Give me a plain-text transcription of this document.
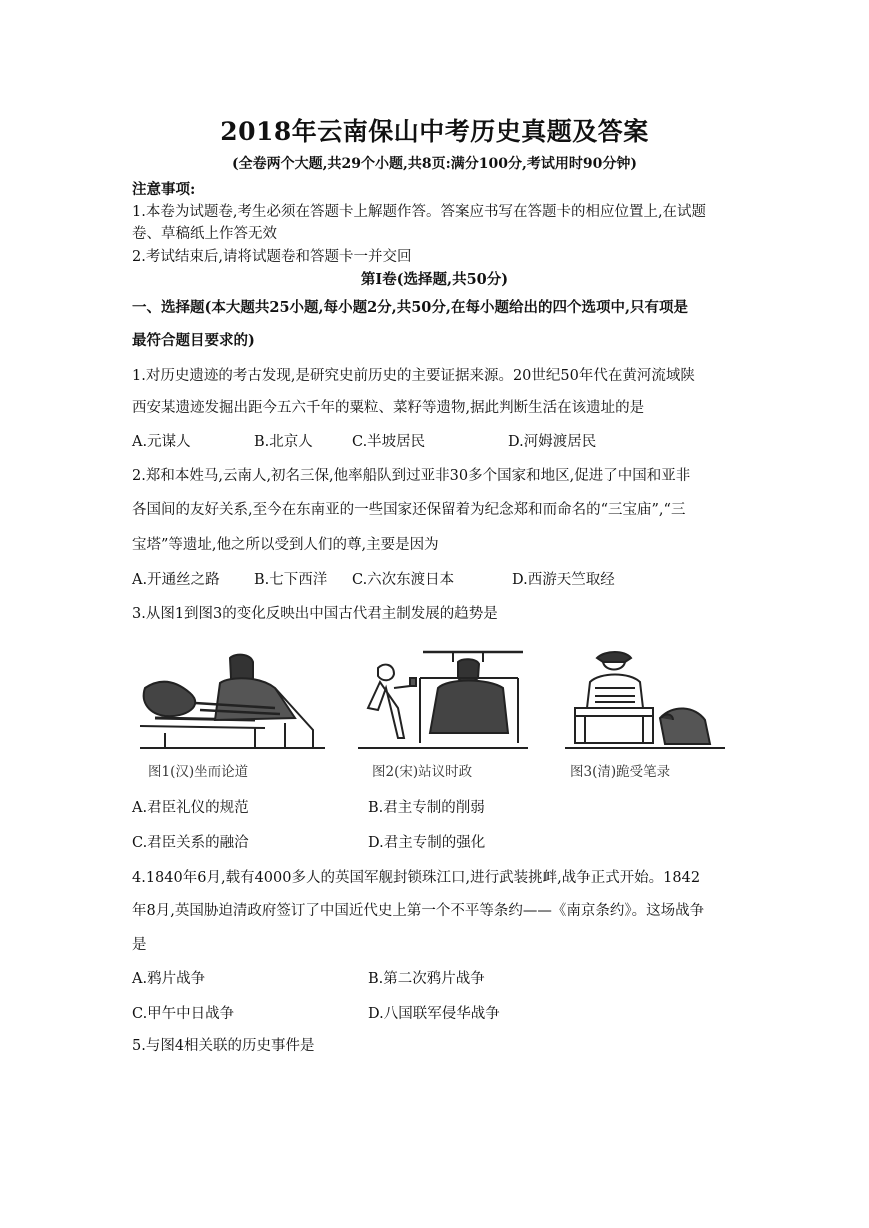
2018年云南保山中考历史真题及答案
(全卷两个大题,共29个小题,共8页:满分100分,考试用时90分钟)
注意事项:
1.本卷为试题卷,考生必须在答题卡上解题作答。答案应书写在答题卡的相应位置上,在试题
卷、草稿纸上作答无效
2.考试结束后,请将试题卷和答题卡一并交回
第Ⅰ卷(选择题,共50分)
一、选择题(本大题共25小题,每小题2分,共50分,在每小题给出的四个选项中,只有项是
最符合题目要求的)
1.对历史遗迹的考古发现,是研究史前历史的主要证据来源。20世纪50年代在黄河流域陕
西安某遗迹发掘出距今五六千年的粟粒、菜籽等遗物,据此判断生活在该遗址的是
A.元谋人	B.北京人	C.半坡居民	D.河姆渡居民
2.郑和本姓马,云南人,初名三保,他率船队到过亚非30多个国家和地区,促进了中国和亚非
各国间的友好关系,至今在东南亚的一些国家还保留着为纪念郑和而命名的“三宝庙”,“三
宝塔”等遗址,他之所以受到人们的尊,主要是因为
A.开通丝之路 B.七下西洋 C.六次东渡日本	D.西游天竺取经
3.从图1到图3的变化反映出中国古代君主制发展的趋势是
图1(汉)坐而论道	图2(宋)站议时政	图3(清)跪受笔录
A.君臣礼仪的规范	B.君主专制的削弱
C.君臣关系的融洽	D.君主专制的强化
4.1840年6月,载有4000多人的英国军舰封锁珠江口,进行武装挑衅,战争正式开始。1842
年8月,英国胁迫清政府签订了中国近代史上第一个不平等条约——《南京条约》。这场战争
是
A.鸦片战争	B.第二次鸦片战争
C.甲午中日战争	D.八国联军侵华战争
5.与图4相关联的历史事件是
